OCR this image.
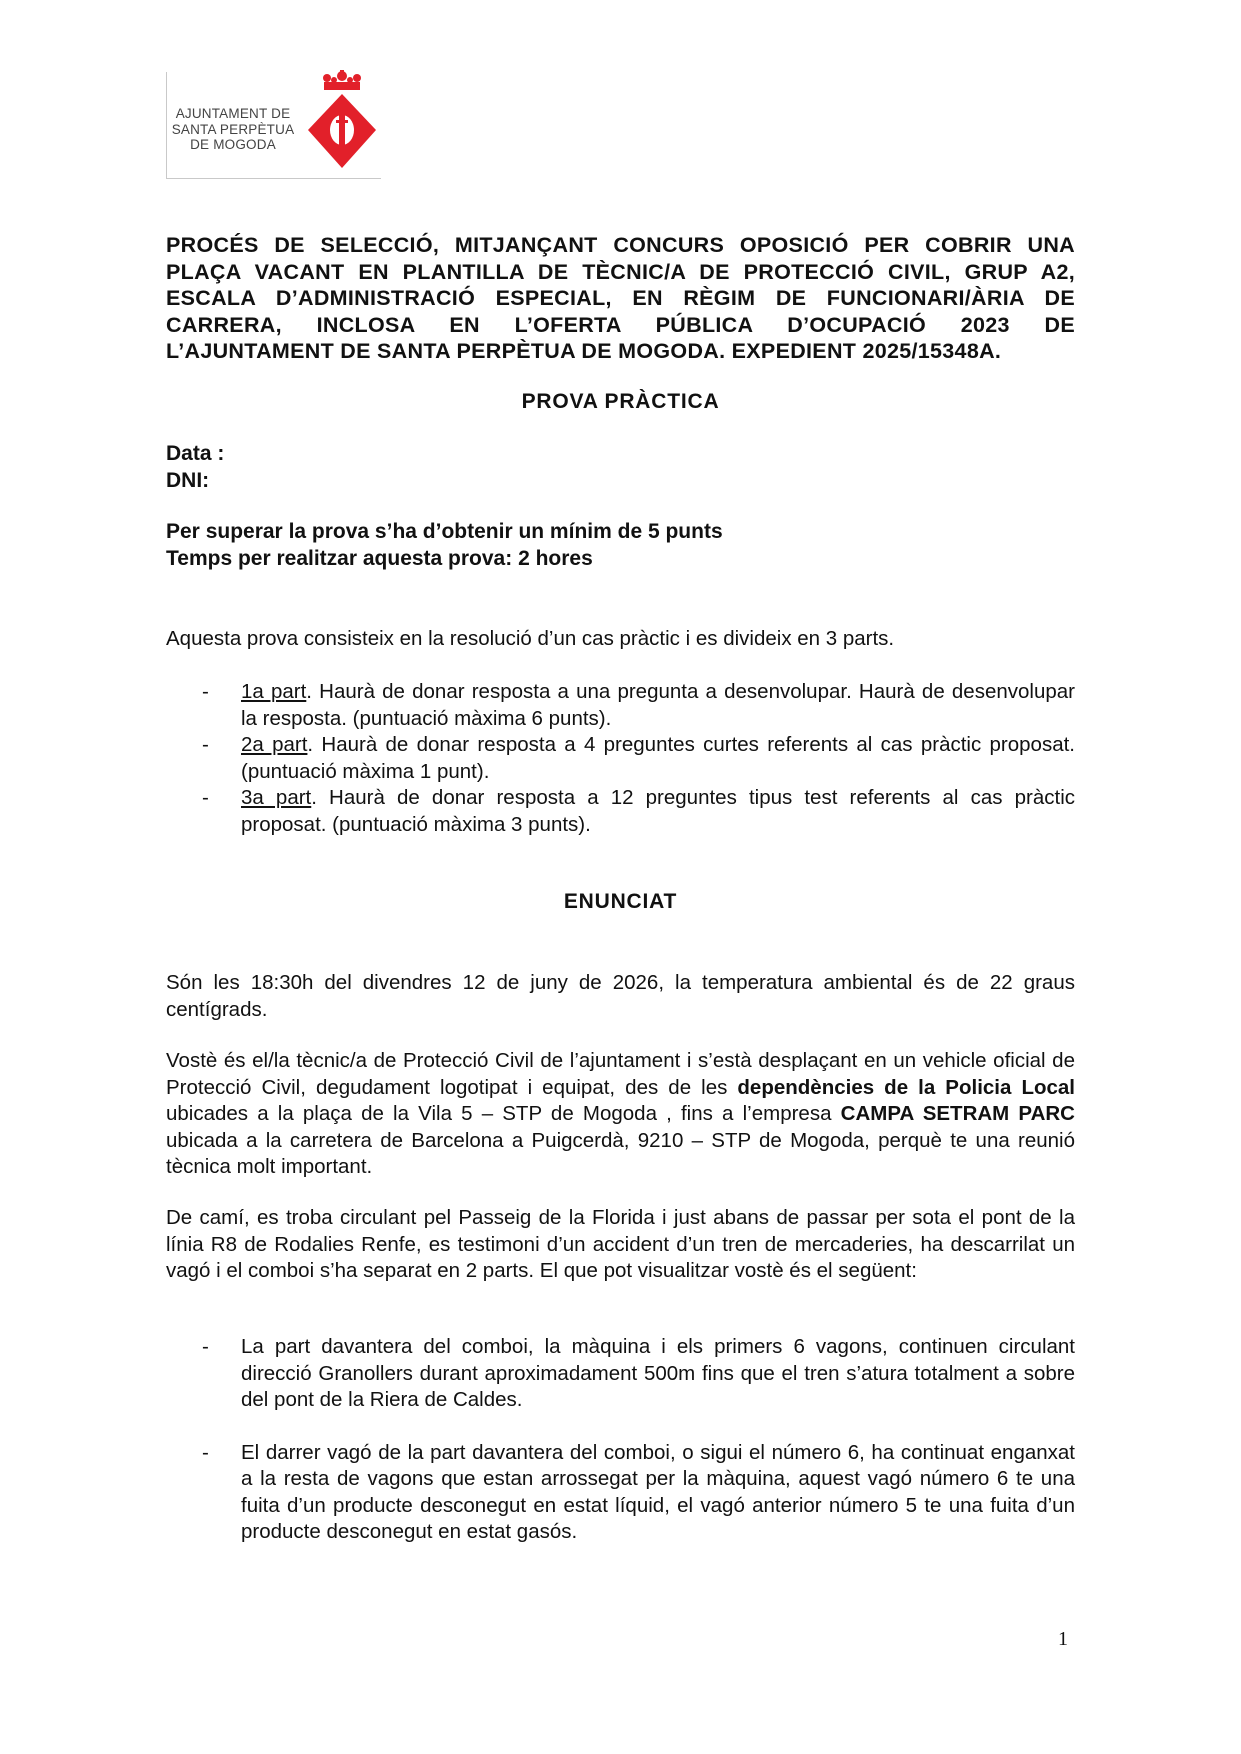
AJUNTAMENT DE
SANTA PERPÈTUA
DE MOGODA
PROCÉS DE SELECCIÓ, MITJANÇANT CONCURS OPOSICIÓ PER COBRIR UNA PLAÇA VACANT EN PLANTILLA DE TÈCNIC/A DE PROTECCIÓ CIVIL, GRUP A2, ESCALA D’ADMINISTRACIÓ ESPECIAL, EN RÈGIM DE FUNCIONARI/ÀRIA DE CARRERA, INCLOSA EN L’OFERTA PÚBLICA D’OCUPACIÓ 2023 DE
L’AJUNTAMENT DE SANTA PERPÈTUA DE MOGODA. EXPEDIENT 2025/15348A.
PROVA PRÀCTICA
Data :
DNI:
Per superar la prova s’ha d’obtenir un mínim de 5 punts
Temps per realitzar aquesta prova: 2 hores
Aquesta prova consisteix en la resolució d’un cas pràctic i es divideix en 3 parts.
- 1a part. Haurà de donar resposta a una pregunta a desenvolupar. Haurà de desenvolupar la resposta. (puntuació màxima 6 punts).
- 2a part. Haurà de donar resposta a 4 preguntes curtes referents al cas pràctic proposat. (puntuació màxima 1 punt).
- 3a part. Haurà de donar resposta a 12 preguntes tipus test referents al cas pràctic proposat. (puntuació màxima 3 punts).
ENUNCIAT
Són les 18:30h del divendres 12 de juny de 2026, la temperatura ambiental és de 22 graus centígrads.
Vostè és el/la tècnic/a de Protecció Civil de l’ajuntament i s’està desplaçant en un vehicle oficial de Protecció Civil, degudament logotipat i equipat, des de les dependències de la Policia Local ubicades a la plaça de la Vila 5 – STP de Mogoda , fins a l’empresa CAMPA SETRAM PARC ubicada a la carretera de Barcelona a Puigcerdà, 9210 – STP de Mogoda, perquè te una reunió tècnica molt important.
De camí, es troba circulant pel Passeig de la Florida i just abans de passar per sota el pont de la línia R8 de Rodalies Renfe, es testimoni d’un accident d’un tren de mercaderies, ha descarrilat un vagó i el comboi s’ha separat en 2 parts. El que pot visualitzar vostè és el següent:
- La part davantera del comboi, la màquina i els primers 6 vagons, continuen circulant direcció Granollers durant aproximadament 500m fins que el tren s’atura totalment a sobre del pont de la Riera de Caldes.
- El darrer vagó de la part davantera del comboi, o sigui el número 6, ha continuat enganxat a la resta de vagons que estan arrossegat per la màquina, aquest vagó número 6 te una fuita d’un producte desconegut en estat líquid, el vagó anterior número 5 te una fuita d’un producte desconegut en estat gasós.
1
